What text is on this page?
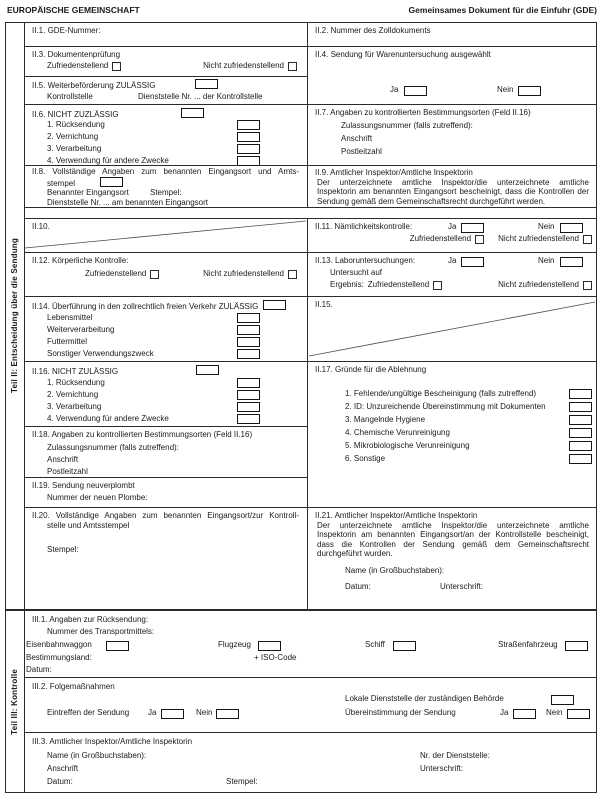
EUROPÄISCHE GEMEINSCHAFT	Gemeinsames Dokument für die Einfuhr (GDE)
Teil II: Entscheidung über die Sendung
II.1. GDE-Nummer:	II.2. Nummer des Zolldokuments
II.3. Dokumentenprüfung
Zufriedenstellend	Nicht zufriedenstellend
II.4. Sendung für Warenuntersuchung ausgewählt
Ja	Nein
II.5. Weiterbeförderung ZULÄSSIG
Kontrollstelle	Dienststelle Nr. ... der Kontrollstelle
II.6. NICHT ZUZLÄSSIG
1. Rücksendung
2. Vernichtung
3. Verarbeitung
4. Verwendung für andere Zwecke
II.7. Angaben zu kontrollierten Bestimmungsorten (Feld II.16)
Zulassungsnummer (falls zutreffend):
Anschrift
Postleitzahl
II.8. Vollständige Angaben zum benannten Eingangsort und Amts-
stempel
Benannter Eingangsort	Stempel:
Dienststelle Nr. ... am benannten Eingangsort
II.9. Amtlicher Inspektor/Amtliche Inspektorin
Der unterzeichnete amtliche Inspektor/die unterzeichnete amtliche Inspektorin am benannten Eingangsort bescheinigt, dass die Kontrollen der Sendung gemäß dem Gemeinschaftsrecht durchgeführt werden.
II.10.	II.11. Nämlichkeitskontrolle:	Ja	Nein
Zufriedenstellend	Nicht zufriedenstellend
II.12. Körperliche Kontrolle:
Zufriedenstellend	Nicht zufriedenstellend
II.13. Laboruntersuchungen:	Ja	Nein
Untersucht auf
Ergebnis: Zufriedenstellend	Nicht zufriedenstellend
II.14. Überführung in den zollrechtlich freien Verkehr ZULÄSSIG
Lebensmittel
Weiterverarbeitung
Futtermittel
Sonstiger Verwendungszweck
II.15.
II.16. NICHT ZULÄSSIG
1. Rücksendung
2. Vernichtung
3. Verarbeitung
4. Verwendung für andere Zwecke
II.17. Gründe für die Ablehnung
1. Fehlende/ungültige Bescheinigung (falls zutreffend)
2. ID: Unzureichende Übereinstimmung mit Dokumenten
3. Mangelnde Hygiene
4. Chemische Verunreinigung
5. Mikrobiologische Verunreinigung
6. Sonstige
II.18. Angaben zu kontrollierten Bestimmungsorten (Feld II.16)
Zulassungsnummer (falls zutreffend):
Anschrift
Postleitzahl
II.19. Sendung neuverplombt
Nummer der neuen Plombe:
II.20. Vollständige Angaben zum benannten Eingangsort/zur Kontroll-
stelle und Amtsstempel
Stempel:
II.21. Amtlicher Inspektor/Amtliche Inspektorin
Der unterzeichnete amtliche Inspektor/die unterzeichnete amtliche Inspektorin am benannten Eingangsort/an der Kontrollstelle bescheinigt, dass die Kontrollen der Sendung gemäß dem Gemeinschaftsrecht durchgeführt wurden.
Name (in Großbuchstaben):
Datum:	Unterschrift:
Teil III: Kontrolle
III.1. Angaben zur Rücksendung:
Nummer des Transportmittels:
Eisenbahnwaggon	Flugzeug	Schiff	Straßenfahrzeug
Bestimmungsland:	+ ISO-Code
Datum:
III.2. Folgemaßnahmen
Lokale Dienststelle der zuständigen Behörde
Eintreffen der Sendung Ja	Nein	Übereinstimmung der Sendung	Ja	Nein
III.3. Amtlicher Inspektor/Amtliche Inspektorin
Name (in Großbuchstaben):	Nr. der Dienststelle:
Anschrift	Unterschrift:
Datum:	Stempel:
